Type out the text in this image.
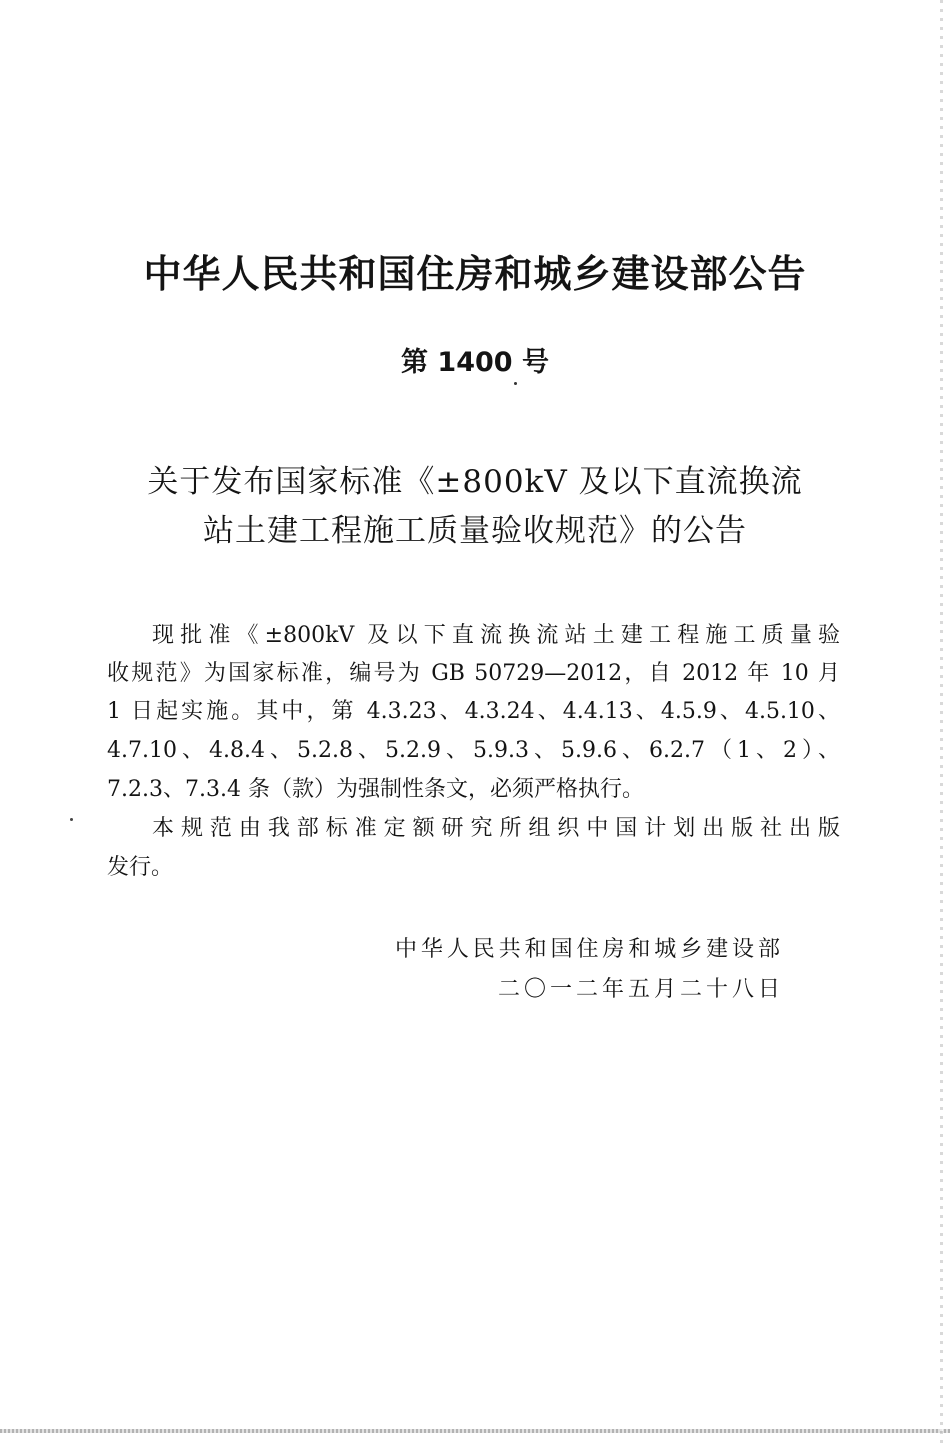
中华人民共和国住房和城乡建设部公告
第 1400 号
关于发布国家标准《±800kV 及以下直流换流
站土建工程施工质量验收规范》的公告
现批准《±800kV 及以下直流换流站土建工程施工质量验
收规范》为国家标准，编号为 GB 50729—2012，自 2012 年 10 月
1 日起实施。其中，第 4.3.23、4.3.24、4.4.13、4.5.9、4.5.10、
4.7.10、4.8.4、5.2.8、5.2.9、5.9.3、5.9.6、6.2.7（1、2）、
7.2.3、7.3.4 条（款）为强制性条文，必须严格执行。
本规范由我部标准定额研究所组织中国计划出版社出版
发行。
中华人民共和国住房和城乡建设部
二〇一二年五月二十八日
